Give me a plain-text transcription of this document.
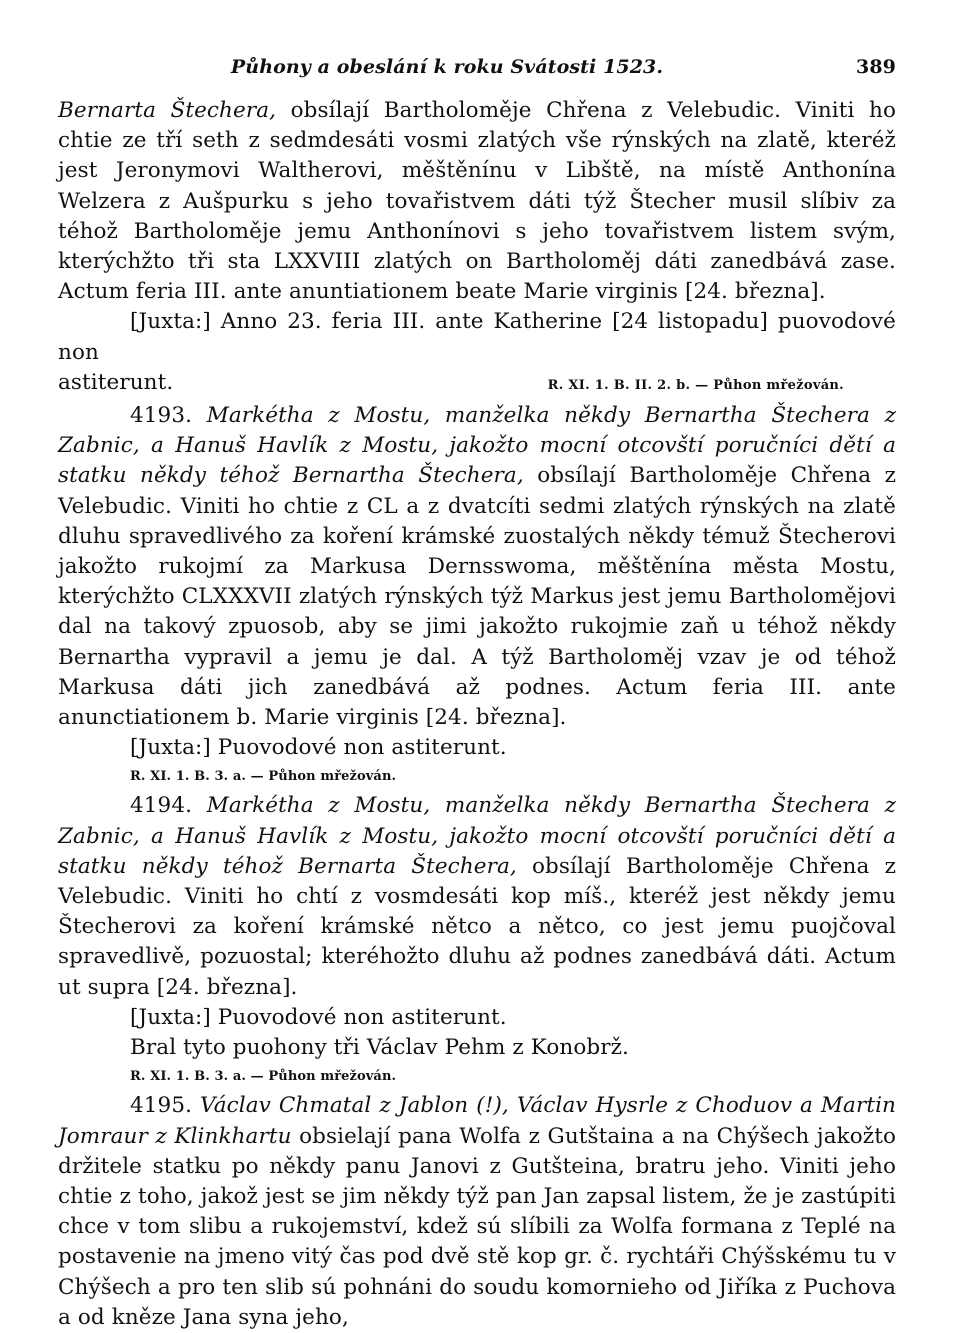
Půhony a obeslání k roku Svátosti 1523.	389

Bernarta Štechera, obsílají Bartholoměje Chřena z Velebudic. Viniti ho chtie ze tří seth z sedmdesáti vosmi zlatých vše rýnských na zlatě, kteréž jest Jeronymovi Waltherovi, měštěnínu v Libště, na místě Anthonína Welzera z Aušpurku s jeho tovařistvem dáti týž Štecher musil slíbiv za téhož Bartholoměje jemu Anthonínovi s jeho tovařistvem listem svým, kterýchžto tři sta LXXVIII zlatých on Bartholoměj dáti zanedbává zase. Actum feria III. ante anuntiationem beate Marie virginis [24. března].

[Juxta:] Anno 23. feria III. ante Katherine [24 listopadu] puovodové non

astiterunt.	R. XI. 1. B. II. 2. b. — Půhon mřežován.

4193. Markétha z Mostu, manželka někdy Bernartha Štechera z Zabnic, a Hanuš Havlík z Mostu, jakožto mocní otcovští poručníci dětí a statku někdy téhož Bernartha Štechera, obsílají Bartholoměje Chřena z Velebudic. Viniti ho chtie z CL a z dvatcíti sedmi zlatých rýnských na zlatě dluhu spravedlivého za koření krámské zuostalých někdy témuž Štecherovi jakožto rukojmí za Markusa Dernsswoma, měštěnína města Mostu, kterýchžto CLXXXVII zlatých rýnských týž Markus jest jemu Bartholomějovi dal na takový zpuosob, aby se jimi jakožto rukojmie zaň u téhož někdy Bernartha vypravil a jemu je dal. A týž Bartholoměj vzav je od téhož Markusa dáti jich zanedbává až podnes. Actum feria III. ante anunctiationem b. Marie virginis [24. března].

[Juxta:] Puovodové non astiterunt.

R. XI. 1. B. 3. a. — Půhon mřežován.

4194. Markétha z Mostu, manželka někdy Bernartha Štechera z Zabnic, a Hanuš Havlík z Mostu, jakožto mocní otcovští poručníci dětí a statku někdy téhož Bernarta Štechera, obsílají Bartholoměje Chřena z Velebudic. Viniti ho chtí z vosmdesáti kop míš., kteréž jest někdy jemu Štecherovi za koření krámské nětco a nětco, co jest jemu puojčoval spravedlivě, pozuostal; kteréhožto dluhu až podnes zanedbává dáti. Actum ut supra [24. března].

[Juxta:] Puovodové non astiterunt.

Bral tyto puohony tři Václav Pehm z Konobrž.

R. XI. 1. B. 3. a. — Půhon mřežován.

4195. Václav Chmatal z Jablon (!), Václav Hysrle z Choduov a Martin Jomraur z Klinkhartu obsielají pana Wolfa z Gutštaina a na Chýšech jakožto držitele statku po někdy panu Janovi z Gutšteina, bratru jeho. Viniti jeho chtie z toho, jakož jest se jim někdy týž pan Jan zapsal listem, že je zastúpiti chce v tom slibu a rukojemství, kdež sú slíbili za Wolfa formana z Teplé na postavenie na jmeno vitý čas pod dvě stě kop gr. č. rychtáři Chýšskému tu v Chýšech a pro ten slib sú pohnáni do soudu komornieho od Jiříka z Puchova a od kněze Jana syna jeho,
